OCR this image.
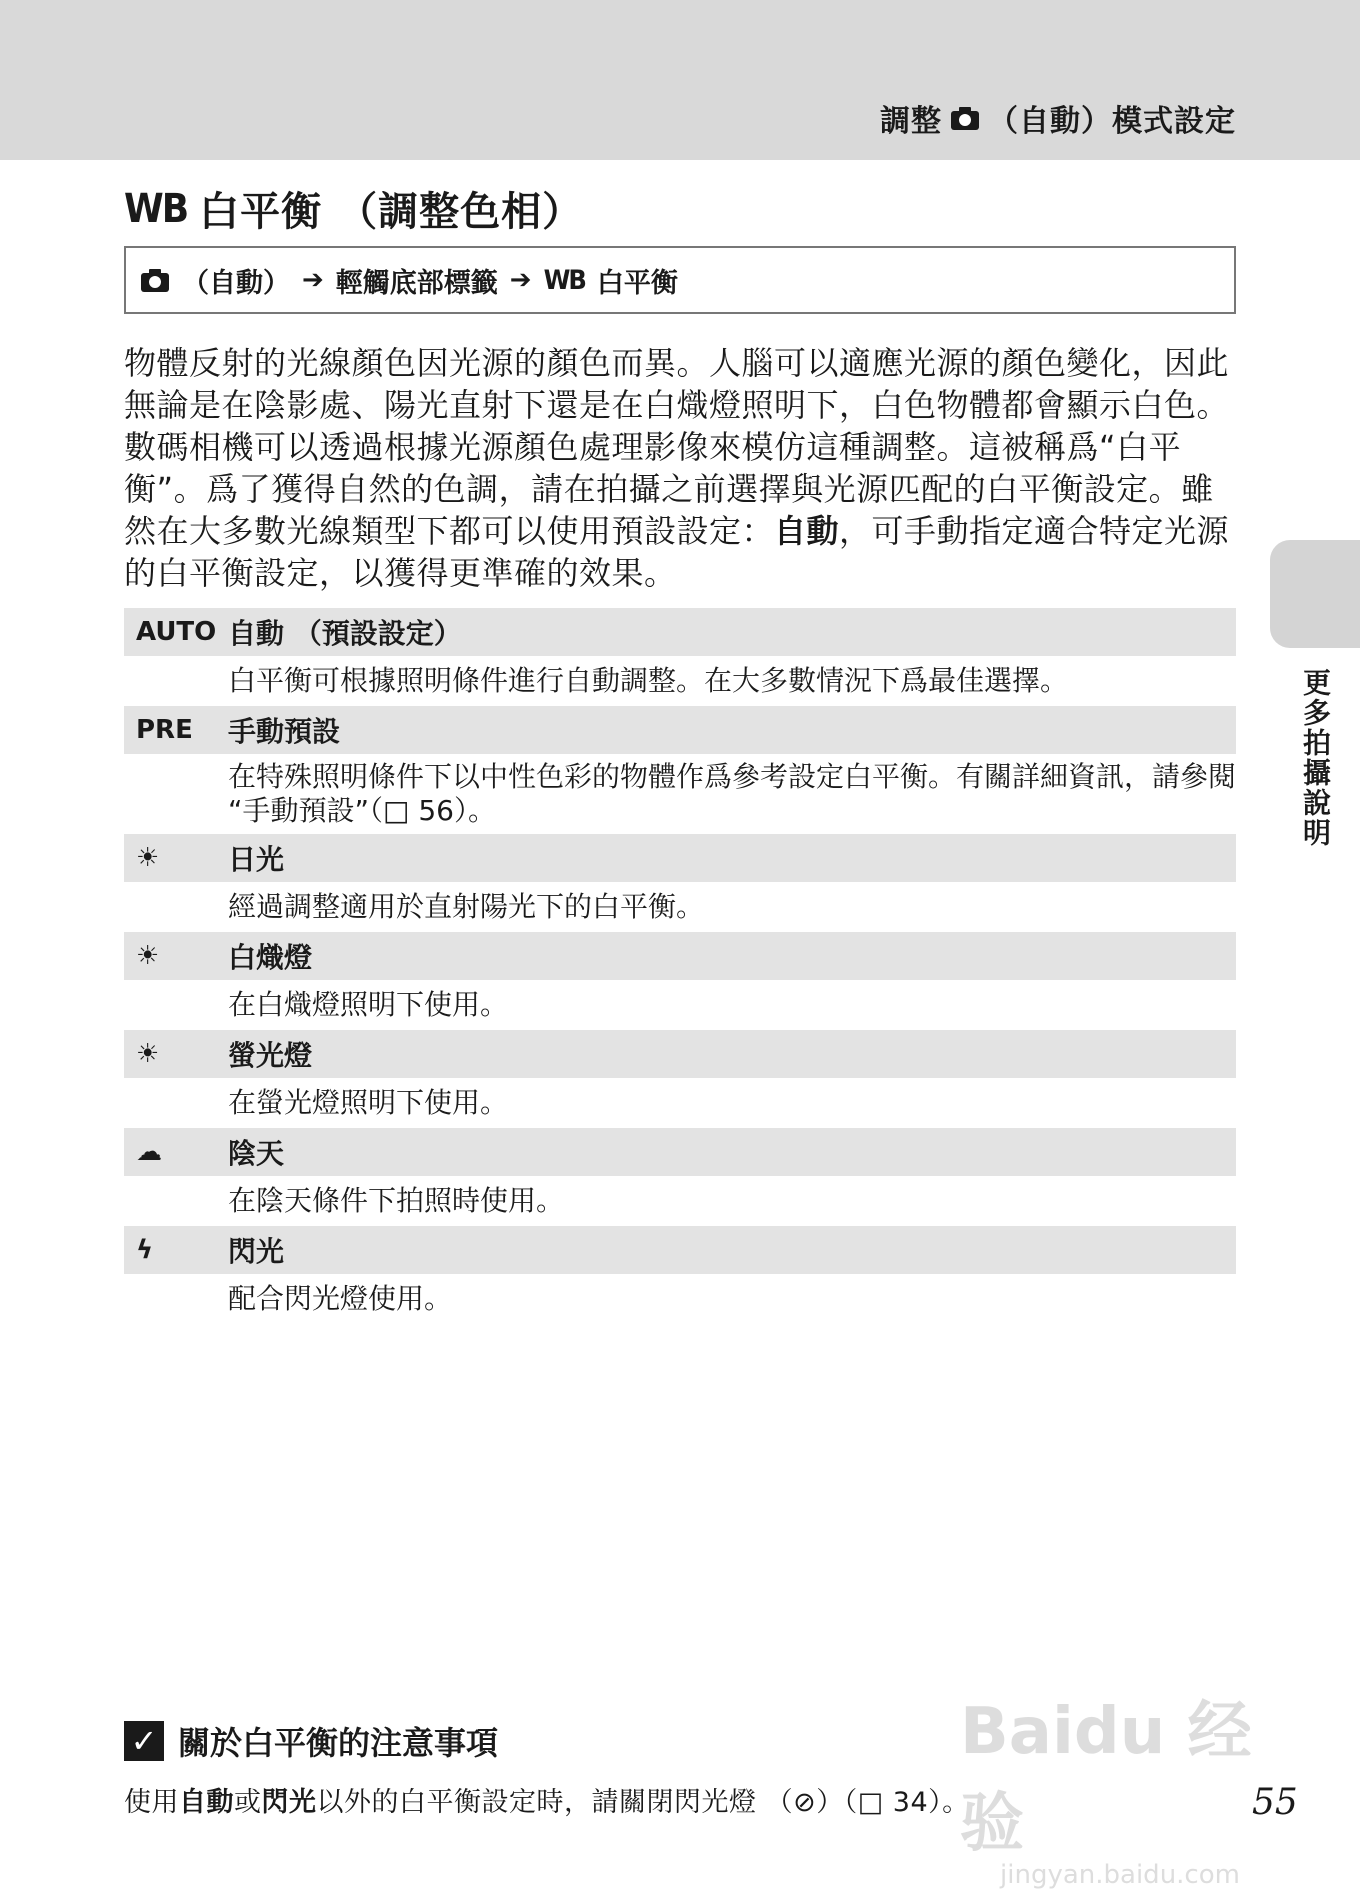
調整 （自動）模式設定
更多拍攝說明
WB 白平衡 （調整色相）
（自動） ➔ 輕觸底部標籤 ➔ WB 白平衡
物體反射的光線顏色因光源的顏色而異。人腦可以適應光源的顏色變化，因此無論是在陰影處、陽光直射下還是在白熾燈照明下，白色物體都會顯示白色。數碼相機可以透過根據光源顏色處理影像來模仿這種調整。這被稱爲“白平衡”。爲了獲得自然的色調，請在拍攝之前選擇與光源匹配的白平衡設定。雖然在大多數光線類型下都可以使用預設設定：自動，可手動指定適合特定光源的白平衡設定，以獲得更準確的效果。
AUTO 自動 （預設設定）
白平衡可根據照明條件進行自動調整。在大多數情況下爲最佳選擇。
PRE	手動預設
在特殊照明條件下以中性色彩的物體作爲參考設定白平衡。有關詳細資訊，請參閱 “手動預設”（□ 56）。
☀	日光
經過調整適用於直射陽光下的白平衡。
☀	白熾燈
在白熾燈照明下使用。
☀	螢光燈
在螢光燈照明下使用。
☁	陰天
在陰天條件下拍照時使用。
ϟ	閃光
配合閃光燈使用。
✓ 關於白平衡的注意事項
使用自動或閃光以外的白平衡設定時，請關閉閃光燈 （⊘）（□ 34）。
Baidu 经验
jingyan.baidu.com
55
